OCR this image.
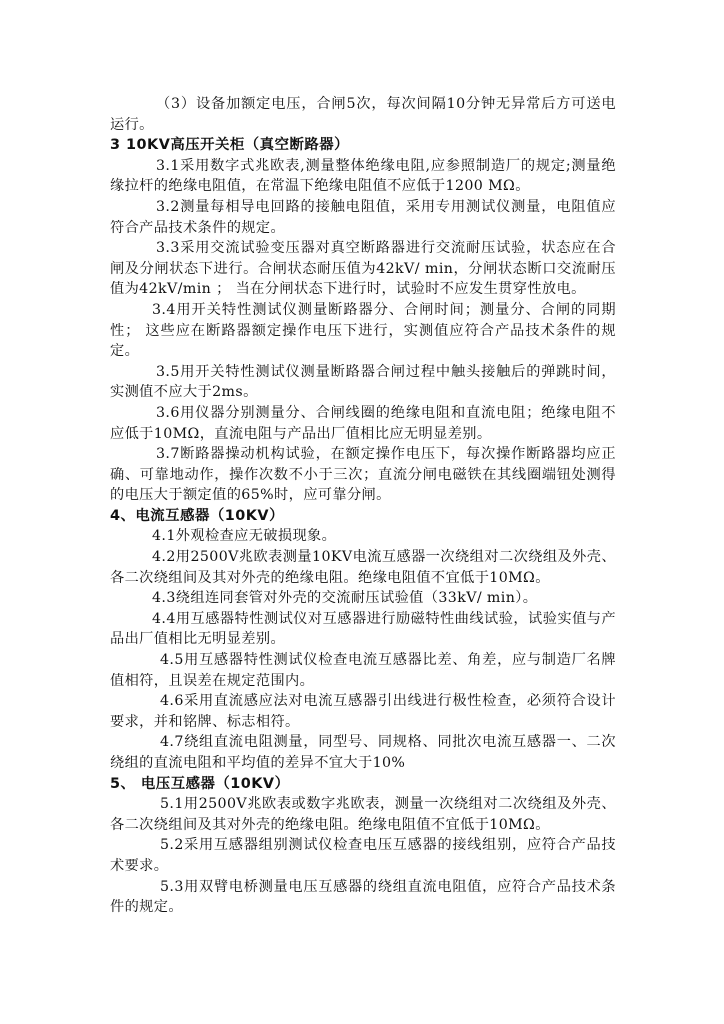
（3）设备加额定电压，合闸5次，每次间隔10分钟无异常后方可送电运行。

3 10KV高压开关柜（真空断路器）

3.1采用数字式兆欧表,测量整体绝缘电阻,应参照制造厂的规定;测量绝缘拉杆的绝缘电阻值，在常温下绝缘电阻值不应低于1200 MΩ。

3.2测量每相导电回路的接触电阻值，采用专用测试仪测量，电阻值应符合产品技术条件的规定。

3.3采用交流试验变压器对真空断路器进行交流耐压试验，状态应在合闸及分闸状态下进行。合闸状态耐压值为42kV/ min，分闸状态断口交流耐压值为42kV/min ； 当在分闸状态下进行时，试验时不应发生贯穿性放电。

3.4用开关特性测试仪测量断路器分、合闸时间；测量分、合闸的同期性； 这些应在断路器额定操作电压下进行，实测值应符合产品技术条件的规定。

3.5用开关特性测试仪测量断路器合闸过程中触头接触后的弹跳时间，实测值不应大于2ms。

3.6用仪器分别测量分、合闸线圈的绝缘电阻和直流电阻；绝缘电阻不应低于10MΩ，直流电阻与产品出厂值相比应无明显差别。

3.7断路器操动机构试验，在额定操作电压下，每次操作断路器均应正确、可靠地动作，操作次数不小于三次；直流分闸电磁铁在其线圈端钮处测得的电压大于额定值的65%时，应可靠分闸。

4、电流互感器（10KV）

4.1外观检查应无破损现象。

4.2用2500V兆欧表测量10KV电流互感器一次绕组对二次绕组及外壳、各二次绕组间及其对外壳的绝缘电阻。绝缘电阻值不宜低于10MΩ。

4.3绕组连同套管对外壳的交流耐压试验值（33kV/ min）。

4.4用互感器特性测试仪对互感器进行励磁特性曲线试验，试验实值与产品出厂值相比无明显差别。

4.5用互感器特性测试仪检查电流互感器比差、角差，应与制造厂名牌值相符，且误差在规定范围内。

4.6采用直流感应法对电流互感器引出线进行极性检查，必须符合设计要求，并和铭牌、标志相符。

4.7绕组直流电阻测量，同型号、同规格、同批次电流互感器一、二次绕组的直流电阻和平均值的差异不宜大于10%

5、 电压互感器（10KV）

5.1用2500V兆欧表或数字兆欧表，测量一次绕组对二次绕组及外壳、各二次绕组间及其对外壳的绝缘电阻。绝缘电阻值不宜低于10MΩ。

5.2采用互感器组别测试仪检查电压互感器的接线组别，应符合产品技术要求。

5.3用双臂电桥测量电压互感器的绕组直流电阻值，应符合产品技术条件的规定。
